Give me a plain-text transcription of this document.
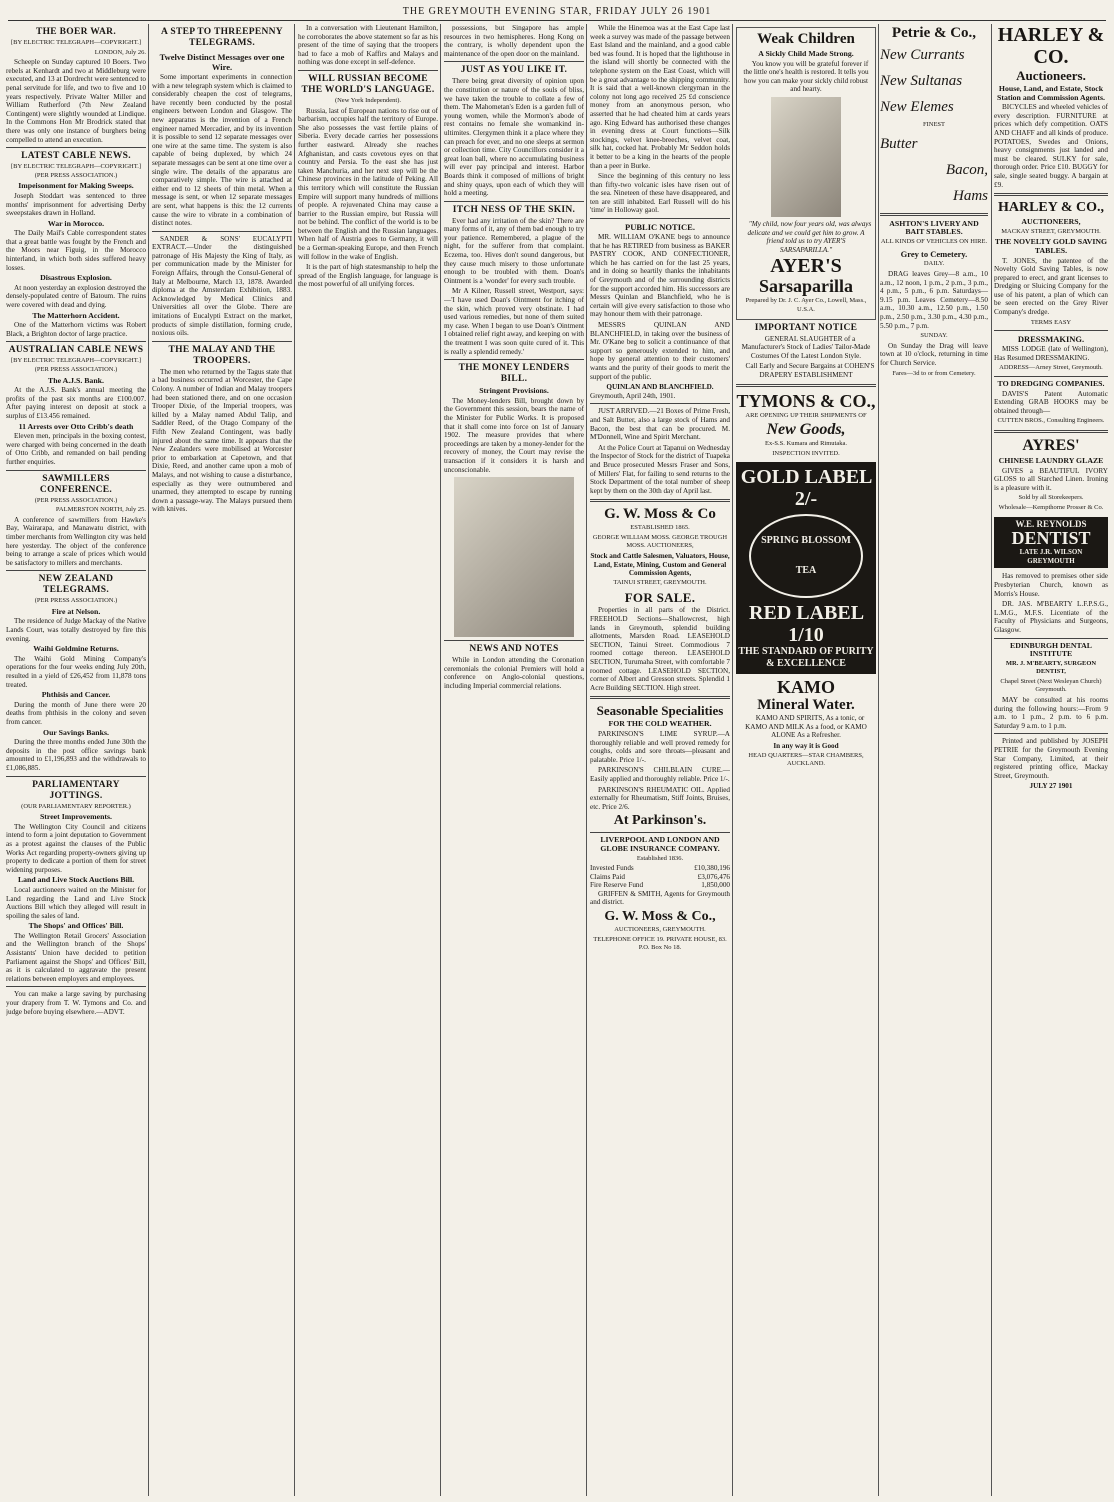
THE GREYMOUTH EVENING STAR, FRIDAY JULY 26 1901
THE BOER WAR.
[BY ELECTRIC TELEGRAPH—COPYRIGHT.]
LONDON, July 26.

Scheeple on Sunday captured 10 Boers. Two rebels at Kenhardt and two at Middleburg were executed, and 13 at Dordrecht were sentenced to penal servitude for life, and two to five and 10 years respectively. Private Walter Miller and William Rutherford (7th New Zealand Contingent) were slightly wounded at Lindique. In the Commons Hon Mr Brodrick stated that there was only one instance of burghers being compelled to attend an execution.

LATEST CABLE NEWS.
[BY ELECTRIC TELEGRAPH—COPYRIGHT.] (PER PRESS ASSOCIATION.)
Impeisonment for Making Sweeps.

Joseph Stoddart was sentenced to three months' imprisonment for advertising Derby sweepstakes drawn in Holland.

War in Morocco.

The Daily Mail's Cable correspondent states that a great battle was fought by the French and the Moors near Figuig, in the Morocco hinterland, in which both sides suffered heavy losses.

Disastrous Explosion.

At noon yesterday an explosion destroyed the densely-populated centre of Batoum. The ruins were covered with dead and dying.

The Matterhorn Accident.

One of the Matterhorn victims was Robert Black, a Brighton doctor of large practice.

AUSTRALIAN CABLE NEWS
[BY ELECTRIC TELEGRAPH—COPYRIGHT.] (PER PRESS ASSOCIATION.)
The A.J.S. Bank.

At the A.J.S. Bank's annual meeting the profits of the past six months are £100.007. After paying interest on deposit at stock a surplus of £13.456 remained.

11 Arrests over Otto Cribb's death

Eleven men, principals in the boxing contest, were charged with being concerned in the death of Otto Cribb, and remanded on bail pending further enquiries.

SAWMILLERS CONFERENCE.
(PER PRESS ASSOCIATION.)
PALMERSTON NORTH, July 25.

A conference of sawmillers from Hawke's Bay, Wairarapa, and Manawatu district, with timber merchants from Wellington city was held here yesterday. The object of the conference being to arrange a scale of prices which would be satisfactory to millers and merchants.

NEW ZEALAND TELEGRAMS.
(PER PRESS ASSOCIATION.)
Fire at Nelson.

The residence of Judge Mackay of the Native Lands Court, was totally destroyed by fire this evening.

Waihi Goldmine Returns.

The Waihi Gold Mining Company's operations for the four weeks ending July 20th, resulted in a yield of £26,452 from 11,878 tons treated.

Phthisis and Cancer.

During the month of June there were 20 deaths from phthisis in the colony and seven from cancer.

Our Savings Banks.

During the three months ended June 30th the deposits in the post office savings bank amounted to £1,196,893 and the withdrawals to £1,086,885.

PARLIAMENTARY JOTTINGS.
(OUR PARLIAMENTARY REPORTER.)
Street Improvements.

The Wellington City Council and citizens intend to form a joint deputation to Government as a protest against the clauses of the Public Works Act regarding property-owners giving up property to dedicate a portion of them for street widening purposes.

Land and Live Stock Auctions Bill.

Local auctioneers waited on the Minister for Land regarding the Land and Live Stock Auctions Bill which they alleged will result in spoiling the sales of land.

The Shops' and Offices' Bill.

The Wellington Retail Grocers' Association and the Wellington branch of the Shops' Assistants' Union have decided to petition Parliament against the Shops' and Offices' Bill, as it is calculated to aggravate the present relations between employers and employees.

You can make a large saving by purchasing your drapery from T. W. Tymons and Co. and judge before buying elsewhere.—ADVT.

A STEP TO THREEPENNY TELEGRAMS.
Twelve Distinct Messages over one Wire.

Some important experiments in connection with a new telegraph system which is claimed to considerably cheapen the cost of telegrams, have recently been conducted by the postal engineers between London and Glasgow. The new apparatus is the invention of a French engineer named Mercadier, and by its invention it is possible to send 12 separate messages over one wire at the same time. The system is also capable of being duplexed, by which 24 separate messages can be sent at one time over a single wire. The details of the apparatus are comparatively simple. The wire is attached at either end to 12 sheets of thin metal. When a message is sent, or when 12 separate messages are sent, what happens is this: the 12 currents cause the wire to vibrate in a combination of distinct notes.

SANDER & SONS' EUCALYPTI EXTRACT.—Under the distinguished patronage of His Majesty the King of Italy, as per communication made by the Minister for Foreign Affairs, through the Consul-General of Italy at Melbourne, March 13, 1878. Awarded diploma at the Amsterdam Exhibition, 1883. Acknowledged by Medical Clinics and Universities all over the Globe. There are imitations of Eucalypti Extract on the market, products of simple distillation, forming crude, noxious oils.

THE MALAY AND THE TROOPERS.

The men who returned by the Tagus state that a bad business occurred at Worcester, the Cape Colony. A number of Indian and Malay troopers had been stationed there, and on one occasion Trooper Dixie, of the Imperial troopers, was killed by a Malay named Abdul Talip, and Saddler Reed, of the Otago Company of the Fifth New Zealand Contingent, was badly injured about the same time. It appears that the New Zealanders were mobilised at Worcester prior to embarkation at Capetown, and that Dixie, Reed, and another came upon a mob of Malays, and not wishing to cause a disturbance, especially as they were outnumbered and unarmed, they attempted to escape by running down a passage-way. The Malays pursued them with knives.

In a conversation with Lieutenant Hamilton, he corroborates the above statement so far as his present of the time of saying that the troopers had to face a mob of Kaffirs and Malays and nothing was done except in self-defence.

WILL RUSSIAN BECOME THE WORLD'S LANGUAGE.
(New York Independent).

Russia, last of European nations to rise out of barbarism, occupies half the territory of Europe. She also possesses the vast fertile plains of Siberia. Every decade carries her possessions further eastward. Already she reaches Afghanistan, and casts covetous eyes on that country and Persia. To the east she has just taken Manchuria, and her next step will be the Chinese provinces in the latitude of Peking. All this territory which will constitute the Russian Empire will support many hundreds of millions of people. A rejuvenated China may cause a barrier to the Russian empire, but Russia will not be behind. The conflict of the world is to be between the English and the Russian languages. When half of Austria goes to Germany, it will be a German-speaking Europe, and then French will follow in the wake of English.

It is the part of high statesmanship to help the spread of the English language, for language is the most powerful of all unifying forces.

possessions, but Singapore has ample resources in two hemispheres. Hong Kong on the contrary, is wholly dependent upon the maintenance of the open door on the mainland.

JUST AS YOU LIKE IT.

There being great diversity of opinion upon the constitution or nature of the souls of bliss, we have taken the trouble to collate a few of them. The Mahometan's Eden is a garden full of young women, while the Mormon's abode of rest contains no female she womankind in-ultimites. Clergymen think it a place where they can preach for ever, and no one sleeps at sermon or collection time. City Councillors consider it a great loan ball, where no accumulating business will ever pay principal and interest. Harbor Boards think it composed of millions of bright and shiny quays, upon each of which they will hold a meeting.

ITCH NESS OF THE SKIN.

Ever had any irritation of the skin? There are many forms of it, any of them bad enough to try your patience. Remembered, a plague of the night, for the sufferer from that complaint. Eczema, too. Hives don't sound dangerous, but they cause much misery to those unfortunate enough to be troubled with them. Doan's Ointment is a 'wonder' for every such trouble.

Mr A Kilner, Russell street, Westport, says:—'I have used Doan's Ointment for itching of the skin, which proved very obstinate. I had used various remedies, but none of them suited my case. When I began to use Doan's Ointment I obtained relief right away, and keeping on with the treatment I was soon quite cured of it. This is really a splendid remedy.'

THE MONEY LENDERS BILL.
Stringent Provisions.

The Money-lenders Bill, brought down by the Government this session, bears the name of the Minister for Public Works. It is proposed that it shall come into force on 1st of January 1902. The measure provides that where proceedings are taken by a money-lender for the recovery of money, the Court may revise the transaction if it considers it is harsh and unconscionable.

NEWS AND NOTES

While in London attending the Coronation ceremonials the colonial Premiers will hold a conference on Anglo-colonial questions, including Imperial commercial relations.

While the Hinemoa was at the East Cape last week a survey was made of the passage between East Island and the mainland, and a good cable bed was found. It is hoped that the lighthouse in the island will shortly be connected with the telephone system on the East Coast, which will be a great advantage to the shipping community. It is said that a well-known clergyman in the colony not long ago received 25 £d conscience money from an anonymous person, who asserted that he had cheated him at cards years ago. King Edward has authorised these changes in evening dress at Court functions—Silk stockings, velvet knee-breeches, velvet coat, silk hat, cocked hat. Probably Mr Seddon holds it better to be a king in the hearts of the people than a peer in Burke.

Since the beginning of this century no less than fifty-two volcanic isles have risen out of the sea. Nineteen of these have disappeared, and ten are still inhabited. Earl Russell will do his 'time' in Holloway gaol.

PUBLIC NOTICE.

MR. WILLIAM O'KANE begs to announce that he has RETIRED from business as BAKER PASTRY COOK, AND CONFECTIONER, which he has carried on for the last 25 years, and in doing so heartily thanks the inhabitants of Greymouth and of the surrounding districts for the support accorded him. His successors are Messrs Quinlan and Blanchfield, who he is certain will give every satisfaction to those who may honour them with their patronage.

MESSRS QUINLAN AND BLANCHFIELD, in taking over the business of Mr. O'Kane beg to solicit a continuance of that support so generously extended to him, and hope by general attention to their customers' wants and the purity of their goods to merit the support of the public.

QUINLAN AND BLANCHFIELD.
Greymouth, April 24th, 1901.

JUST ARRIVED.—21 Boxes of Prime Fresh, and Salt Butter, also a large stock of Hams and Bacon, the best that can be procured. M. M'Donnell, Wine and Spirit Merchant.

At the Police Court at Tapanui on Wednesday the Inspector of Stock for the district of Tuapeka and Bruce prosecuted Messrs Fraser and Sons, of Millers' Flat, for failing to send returns to the Stock Department of the total number of sheep kept by them on the 30th day of April last.

G. W. Moss & Co
ESTABLISHED 1865.
GEORGE WILLIAM MOSS. GEORGE TROUGH MOSS. AUCTIONEERS,
Stock and Cattle Salesmen, Valuators, House, Land, Estate, Mining, Custom and General Commission Agents,
TAINUI STREET, GREYMOUTH.
FOR SALE.

Properties in all parts of the District. FREEHOLD Sections—Shallowcrest, high lands in Greymouth, splendid building allotments, Marsden Road. LEASEHOLD SECTION, Tainui Street. Commodious 7 roomed cottage thereon. LEASEHOLD SECTION, Turumaha Street, with comfortable 7 roomed cottage. LEASEHOLD SECTION, corner of Albert and Gresson streets. Splendid 1 Acre Building SECTION. High street.

Seasonable Specialities
FOR THE COLD WEATHER.

PARKINSON'S LIME SYRUP.—A thoroughly reliable and well proved remedy for coughs, colds and sore throats—pleasant and palatable. Price 1/-.

PARKINSON'S CHILBLAIN CURE.—Easily applied and thoroughly reliable. Price 1/-.

PARKINSON'S RHEUMATIC OIL. Applied externally for Rheumatism, Stiff Joints, Bruises, etc. Price 2/6.

At Parkinson's.
LIVERPOOL AND LONDON AND GLOBE INSURANCE COMPANY.
Established 1836.
Invested Funds	£10,380,196
Claims Paid	£3,076,476
Fire Reserve Fund	1,850,000

GRIFFEN & SMITH, Agents for Greymouth and district.

G. W. Moss & Co.,
AUCTIONEERS, GREYMOUTH.
TELEPHONE OFFICE 19. PRIVATE HOUSE, 83. P.O. Box No 18.
Weak Children
A Sickly Child Made Strong.

You know you will be grateful forever if the little one's health is restored. It tells you how you can make your sickly child robust and hearty.

"My child, now four years old, was always delicate and we could get him to grow. A friend told us to try AYER'S SARSAPARILLA."

AYER'S
Sarsaparilla
Prepared by Dr. J. C. Ayer Co., Lowell, Mass., U.S.A.
IMPORTANT NOTICE

GENERAL SLAUGHTER of a Manufacturer's Stock of Ladies' Tailor-Made Costumes Of the Latest London Style.

Call Early and Secure Bargains at COHEN'S DRAPERY ESTABLISHMENT

TYMONS & CO.,
ARE OPENING UP THEIR SHIPMENTS OF
New Goods,
Ex-S.S. Kumara and Rimutaka.
INSPECTION INVITED.
GOLD LABEL 2/-
SPRING BLOSSOM TEA
RED LABEL 1/10
THE STANDARD OF PURITY & EXCELLENCE
KAMO
Mineral Water.

KAMO AND SPIRITS, As a tonic, or KAMO AND MILK As a food, or KAMO ALONE As a Refresher.

In any way it is Good
HEAD QUARTERS—STAR CHAMBERS, AUCKLAND.
Petrie & Co.,
New Currants
New Sultanas
New Elemes
FINEST
Butter
Bacon,
Hams
ASHTON'S LIVERY AND BAIT STABLES.
ALL KINDS OF VEHICLES ON HIRE.
Grey to Cemetery.
DAILY.

DRAG leaves Grey—8 a.m., 10 a.m., 12 noon, 1 p.m., 2 p.m., 3 p.m., 4 p.m., 5 p.m., 6 p.m. Saturdays—9.15 p.m. Leaves Cemetery—8.50 a.m., 10.30 a.m., 12.50 p.m., 1.50 p.m., 2.50 p.m., 3.30 p.m., 4.30 p.m., 5.50 p.m., 7 p.m.

SUNDAY.

On Sunday the Drag will leave town at 10 o'clock, returning in time for Church Service.

Fares—3d to or from Cemetery.
HARLEY & CO.
Auctioneers.
House, Land, and Estate, Stock Station and Commission Agents.

BICYCLES and wheeled vehicles of every description. FURNITURE at prices which defy competition. OATS AND CHAFF and all kinds of produce. POTATOES, Swedes and Onions, heavy consignments just landed and must be cleared. SULKY for sale, thorough order. Price £10. BUGGY for sale, single seated buggy. A bargain at £9.

HARLEY & CO.,
AUCTIONEERS,
MACKAY STREET, GREYMOUTH.
THE NOVELTY GOLD SAVING TABLES.

T. JONES, the patentee of the Novelty Gold Saving Tables, is now prepared to erect, and grant licenses to Dredging or Sluicing Company for the use of his patent, a plan of which can be seen erected on the Grey River Company's dredge.

TERMS EASY
DRESSMAKING.

MISS LODGE (late of Wellington), Has Resumed DRESSMAKING.

ADDRESS—Arney Street, Greymouth.
TO DREDGING COMPANIES.

DAVIS'S Patent Automatic Extending GRAB HOOKS may be obtained through—

CUTTEN BROS., Consulting Engineers.
AYRES'
CHINESE LAUNDRY GLAZE

GIVES a BEAUTIFUL IVORY GLOSS to all Starched Linen. Ironing is a pleasure with it.

Sold by all Storekeepers.
Wholesale—Kempthorne Prosser & Co.
W.E. REYNOLDS
DENTIST
LATE J.R. WILSON GREYMOUTH

Has removed to premises other side Presbyterian Church, known as Morris's House.

DR. JAS. M'BEARTY L.F.P.S.G., L.M.G., M.F.S. Licentiate of the Faculty of Physicians and Surgeons, Glasgow.

EDINBURGH DENTAL INSTITUTE
MR. J. M'BEARTY, SURGEON DENTIST,
Chapel Street (Next Wesleyan Church) Greymouth.

MAY be consulted at his rooms during the following hours:—From 9 a.m. to 1 p.m., 2 p.m. to 6 p.m. Saturday 9 a.m. to 1 p.m.

Printed and published by JOSEPH PETRIE for the Greymouth Evening Star Company, Limited, at their registered printing office, Mackay Street, Greymouth.

JULY 27 1901
